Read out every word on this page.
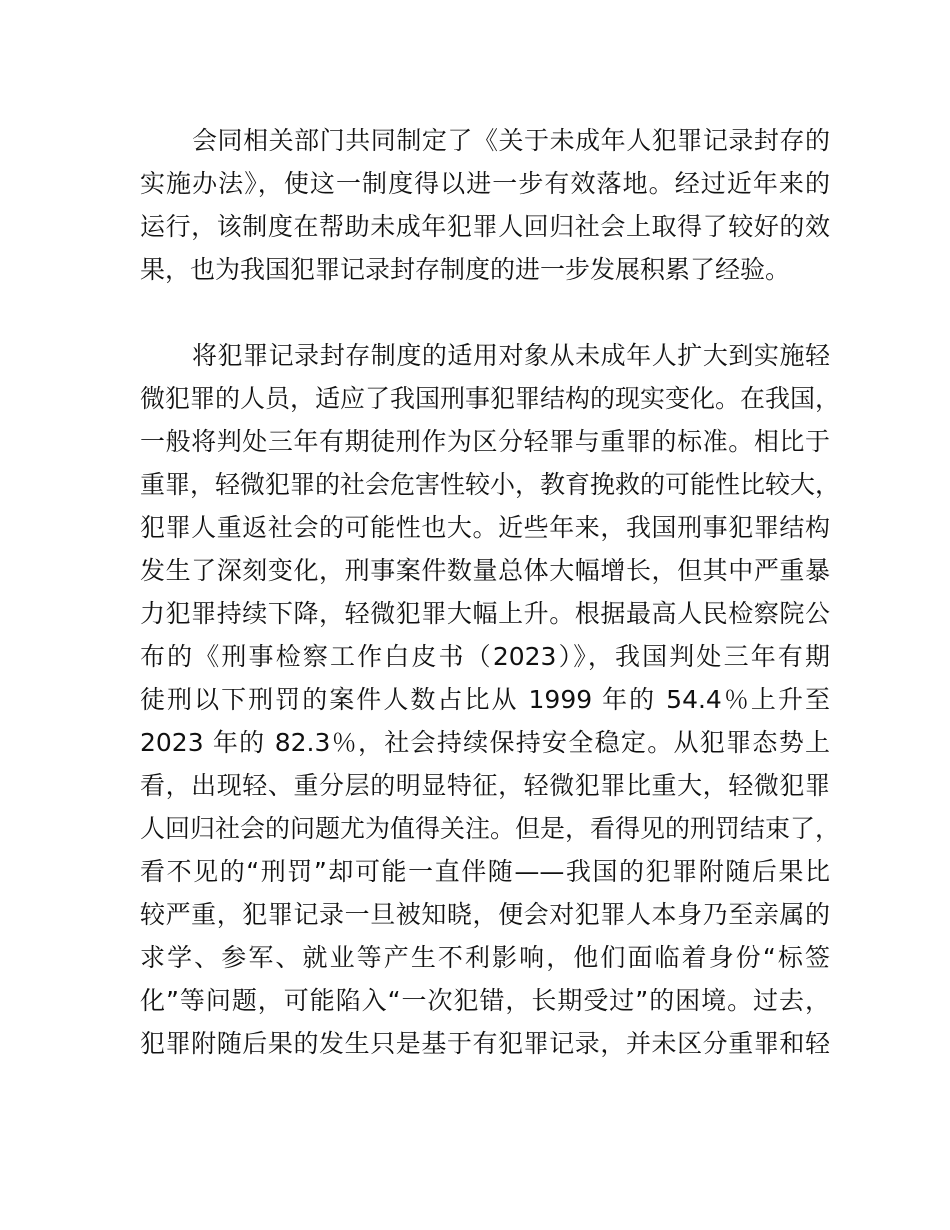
会同相关部门共同制定了《关于未成年人犯罪记录封存的
实施办法》，使这一制度得以进一步有效落地。经过近年来的
运行，该制度在帮助未成年犯罪人回归社会上取得了较好的效
果，也为我国犯罪记录封存制度的进一步发展积累了经验。
将犯罪记录封存制度的适用对象从未成年人扩大到实施轻
微犯罪的人员，适应了我国刑事犯罪结构的现实变化。在我国，
一般将判处三年有期徒刑作为区分轻罪与重罪的标准。相比于
重罪，轻微犯罪的社会危害性较小，教育挽救的可能性比较大，
犯罪人重返社会的可能性也大。近些年来，我国刑事犯罪结构
发生了深刻变化，刑事案件数量总体大幅增长，但其中严重暴
力犯罪持续下降，轻微犯罪大幅上升。根据最高人民检察院公
布的《刑事检察工作白皮书（2023）》，我国判处三年有期
徒刑以下刑罚的案件人数占比从 1999 年的 54.4％上升至
2023 年的 82.3％，社会持续保持安全稳定。从犯罪态势上
看，出现轻、重分层的明显特征，轻微犯罪比重大，轻微犯罪
人回归社会的问题尤为值得关注。但是，看得见的刑罚结束了，
看不见的“刑罚”却可能一直伴随——我国的犯罪附随后果比
较严重，犯罪记录一旦被知晓，便会对犯罪人本身乃至亲属的
求学、参军、就业等产生不利影响，他们面临着身份“标签
化”等问题，可能陷入“一次犯错，长期受过”的困境。过去，
犯罪附随后果的发生只是基于有犯罪记录，并未区分重罪和轻
